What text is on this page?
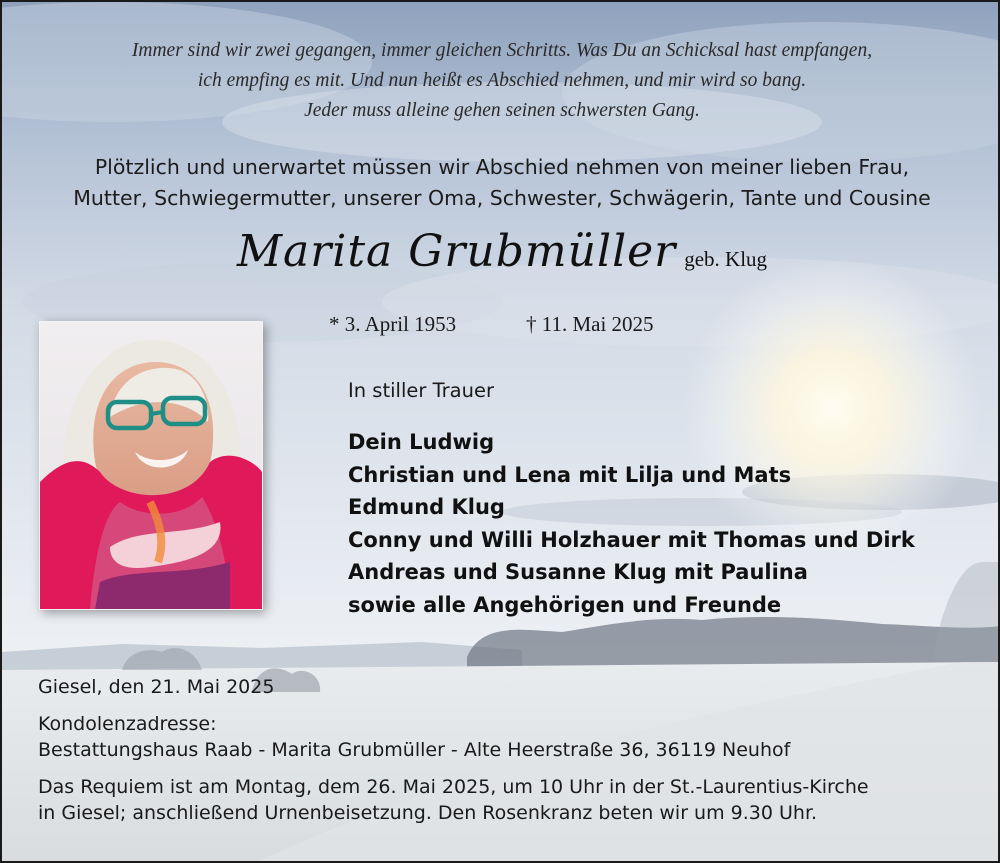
Immer sind wir zwei gegangen, immer gleichen Schritts. Was Du an Schicksal hast empfangen,
ich empfing es mit. Und nun heißt es Abschied nehmen, und mir wird so bang.
Jeder muss alleine gehen seinen schwersten Gang.
Plötzlich und unerwartet müssen wir Abschied nehmen von meiner lieben Frau,
Mutter, Schwiegermutter, unserer Oma, Schwester, Schwägerin, Tante und Cousine
Marita Grubmüller geb. Klug
* 3. April 1953	† 11. Mai 2025
In stiller Trauer
Dein Ludwig
Christian und Lena mit Lilja und Mats
Edmund Klug
Conny und Willi Holzhauer mit Thomas und Dirk
Andreas und Susanne Klug mit Paulina
sowie alle Angehörigen und Freunde
Giesel, den 21. Mai 2025
Kondolenzadresse:
Bestattungshaus Raab - Marita Grubmüller - Alte Heerstraße 36, 36119 Neuhof
Das Requiem ist am Montag, dem 26. Mai 2025, um 10 Uhr in der St.-Laurentius-Kirche
in Giesel; anschließend Urnenbeisetzung. Den Rosenkranz beten wir um 9.30 Uhr.
